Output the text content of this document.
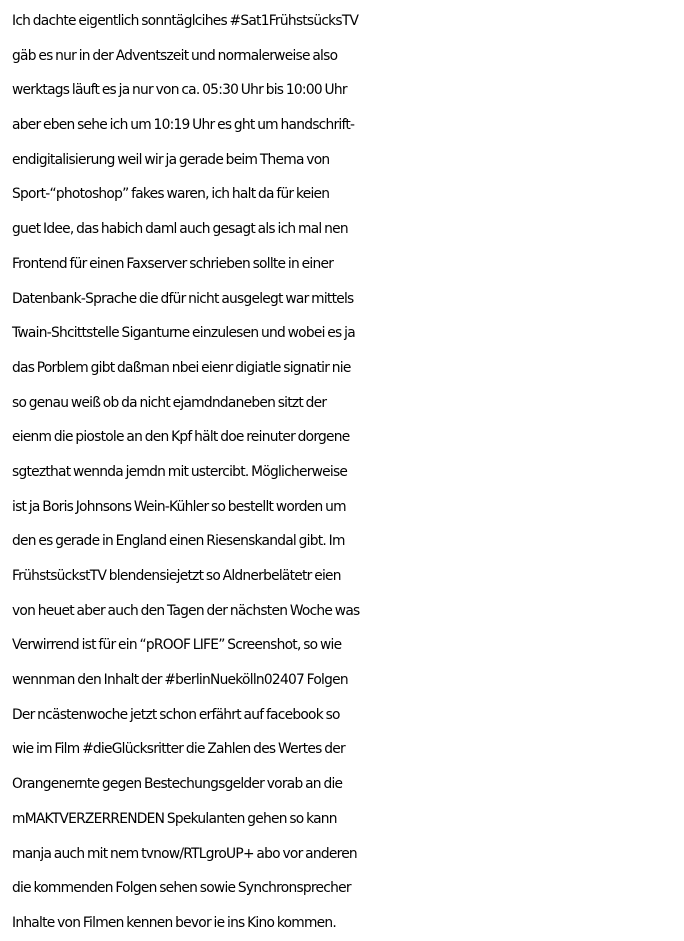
Ich dachte eigentlich sonntäglcihes #Sat1FrühstsücksTV
gäb es nur in der Adventszeit und normalerweise also
werktags läuft es ja nur von ca. 05:30 Uhr bis 10:00 Uhr
aber eben sehe ich um 10:19 Uhr es ght um handschrift-
endigitalisierung weil wir ja gerade beim Thema von
Sport-“photoshop” fakes waren, ich halt da für keien
guet Idee, das habich daml auch gesagt als ich mal nen
Frontend für einen Faxserver schrieben sollte in einer
Datenbank-Sprache die dfür nicht ausgelegt war mittels
Twain-Shcittstelle Siganturne einzulesen und wobei es ja
das Porblem gibt daßman nbei eienr digiatle signatir nie
so genau weiß ob da nicht ejamdndaneben sitzt der
eienm die piostole an den Kpf hält doe reinuter dorgene
sgtezthat wennda jemdn mit ustercibt. Möglicherweise
ist ja Boris Johnsons Wein-Kühler so bestellt worden um
den es gerade in England einen Riesenskandal gibt. Im
FrühstsückstTV blendensiejetzt so Aldnerbelätetr eien
von heuet aber auch den Tagen der nächsten Woche was
Verwirrend ist für ein “pROOF LIFE” Screenshot, so wie
wennman den Inhalt der #berlinNuekölln02407 Folgen
Der ncästenwoche jetzt schon erfährt auf facebook so
wie im Film #dieGlücksritter die Zahlen des Wertes der
Orangenernte gegen Bestechungsgelder vorab an die
mMAKTVERZERRENDEN Spekulanten gehen so kann
manja auch mit nem tvnow/RTLgroUP+ abo vor anderen
die kommenden Folgen sehen sowie Synchronsprecher
Inhalte von Filmen kennen bevor ie ins Kino kommen.
